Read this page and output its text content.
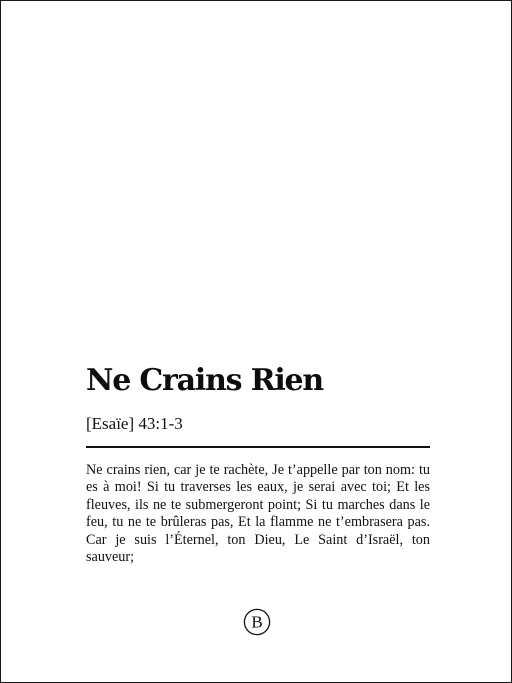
Ne Crains Rien
[Esaïe] 43:1-3

Ne crains rien, car je te rachète, Je t’appelle par ton nom: tu es à moi! Si tu traverses les eaux, je serai avec toi; Et les fleuves, ils ne te submergeront point; Si tu marches dans le feu, tu ne te brûleras pas, Et la flamme ne t’embrasera pas. Car je suis l’Éternel, ton Dieu, Le Saint d’Israël, ton sauveur;

B
